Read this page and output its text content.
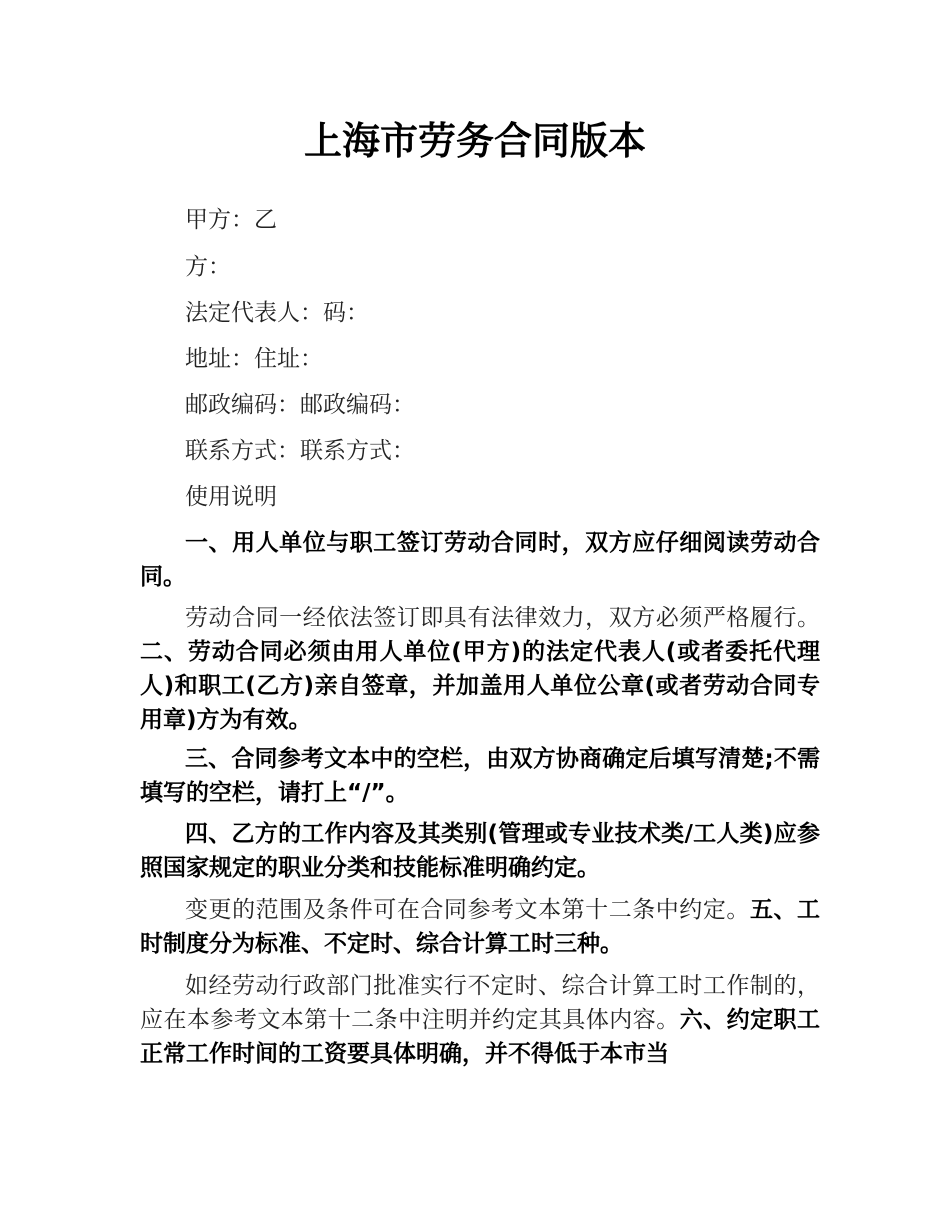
上海市劳务合同版本
甲方：乙
方：
法定代表人：码：
地址：住址：
邮政编码：邮政编码：
联系方式：联系方式：
使用说明

一、用人单位与职工签订劳动合同时，双方应仔细阅读劳动合同。

劳动合同一经依法签订即具有法律效力，双方必须严格履行。二、劳动合同必须由用人单位(甲方)的法定代表人(或者委托代理人)和职工(乙方)亲自签章，并加盖用人单位公章(或者劳动合同专用章)方为有效。

三、合同参考文本中的空栏，由双方协商确定后填写清楚;不需填写的空栏，请打上“/”。

四、乙方的工作内容及其类别(管理或专业技术类/工人类)应参照国家规定的职业分类和技能标准明确约定。

变更的范围及条件可在合同参考文本第十二条中约定。五、工时制度分为标准、不定时、综合计算工时三种。

如经劳动行政部门批准实行不定时、综合计算工时工作制的，应在本参考文本第十二条中注明并约定其具体内容。六、约定职工正常工作时间的工资要具体明确，并不得低于本市当
